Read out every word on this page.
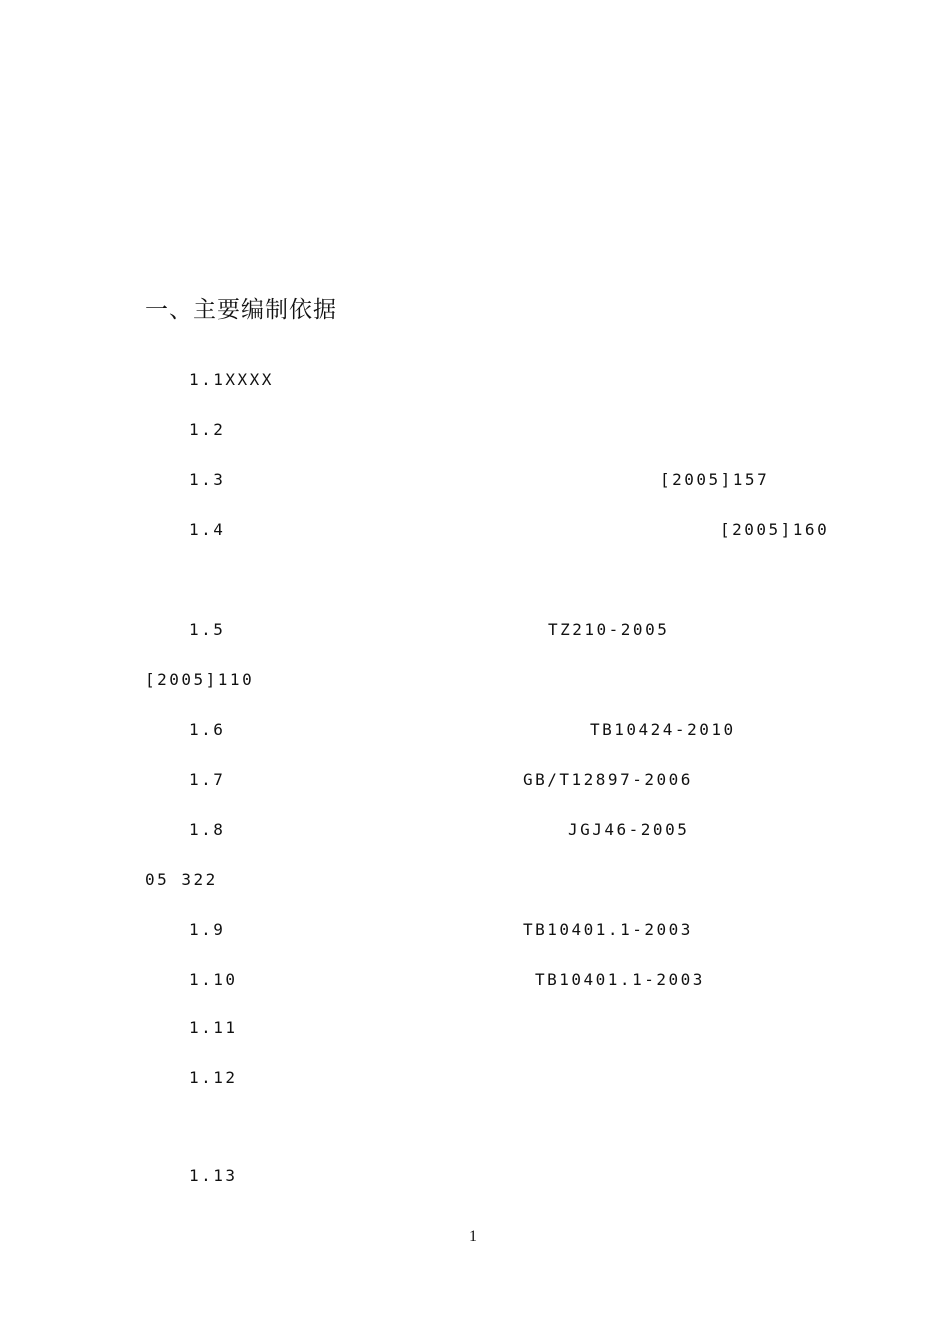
一、主要编制依据
1.1XXXX
1.2
1.3	[2005]157
1.4	[2005]160
1.5	TZ210-2005
[2005]110
1.6	TB10424-2010
1.7	GB/T12897-2006
1.8	JGJ46-2005
05 322
1.9	TB10401.1-2003
1.10	TB10401.1-2003
1.11
1.12
1.13
1
